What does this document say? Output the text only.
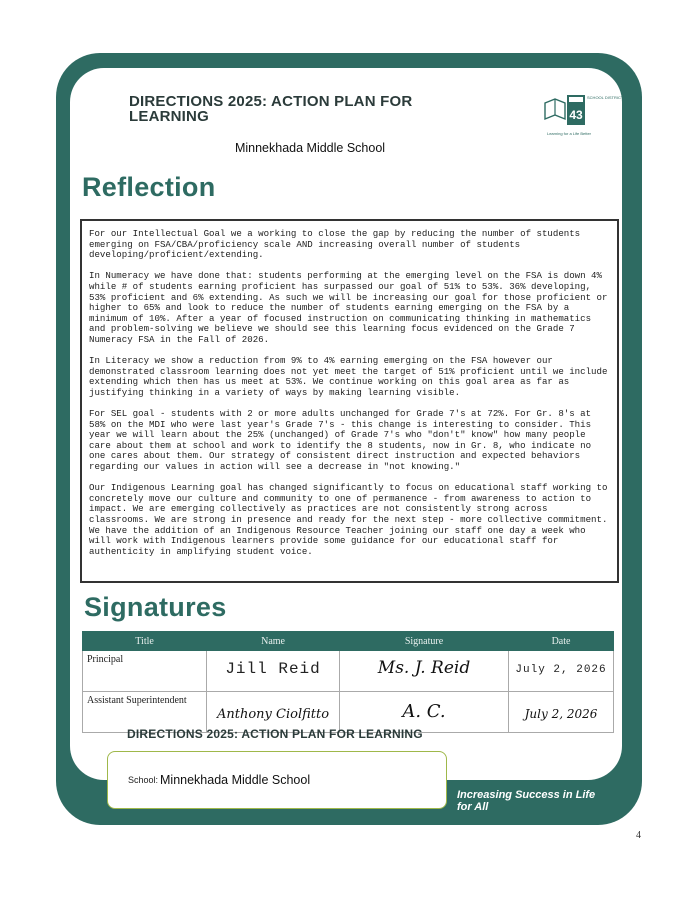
DIRECTIONS 2025: ACTION PLAN FOR LEARNING	43
SCHOOL DISTRICT
Learning for a Life Better
Minnekhada Middle School
Reflection

For our Intellectual Goal we a working to close the gap by reducing the number of students emerging on FSA/CBA/proficiency scale AND increasing overall number of students developing/proficient/extending.

In Numeracy we have done that: students performing at the emerging level on the FSA is down 4% while # of students earning proficient has surpassed our goal of 51% to 53%. 36% developing, 53% proficient and 6% extending. As such we will be increasing our goal for those proficient or higher to 65% and look to reduce the number of students earning emerging on the FSA by a minimum of 10%. After a year of focused instruction on communicating thinking in mathematics and problem-solving we believe we should see this learning focus evidenced on the Grade 7 Numeracy FSA in the Fall of 2026.

In Literacy we show a reduction from 9% to 4% earning emerging on the FSA however our demonstrated classroom learning does not yet meet the target of 51% proficient until we include extending which then has us meet at 53%. We continue working on this goal area as far as justifying thinking in a variety of ways by making learning visible.

For SEL goal - students with 2 or more adults unchanged for Grade 7's at 72%. For Gr. 8's at 58% on the MDI who were last year's Grade 7's - this change is interesting to consider. This year we will learn about the 25% (unchanged) of Grade 7's who "don't" know" how many people care about them at school and work to identify the 8 students, now in Gr. 8, who indicate no one cares about them. Our strategy of consistent direct instruction and expected behaviors regarding our values in action will see a decrease in "not knowing."

Our Indigenous Learning goal has changed significantly to focus on educational staff working to concretely move our culture and community to one of permanence - from awareness to action to impact. We are emerging collectively as practices are not consistently strong across classrooms. We are strong in presence and ready for the next step - more collective commitment. We have the addition of an Indigenous Resource Teacher joining our staff one day a week who will work with Indigenous learners provide some guidance for our educational staff for authenticity in amplifying student voice.

Signatures
Title	Name	Signature	Date
Principal	Jill Reid	Ms. J. Reid	July 2, 2026

Assistant Superintendent	Anthony Ciolfitto	A. C.	July 2, 2026
DIRECTIONS 2025: ACTION PLAN FOR LEARNING
School: Minnekhada Middle School
Increasing Success in Life for All
4
